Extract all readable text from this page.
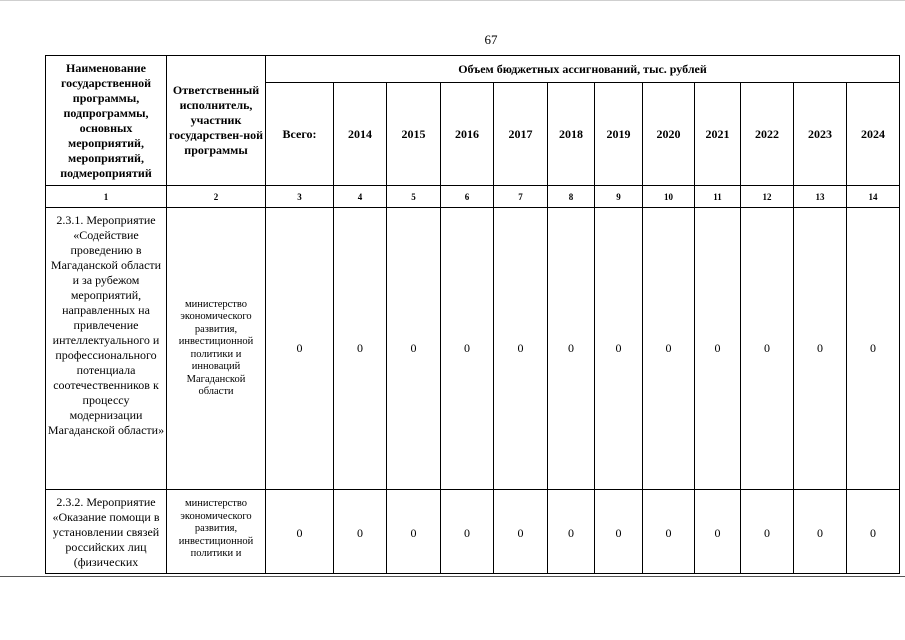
67
Наименование государственной программы, подпрограммы, основных мероприятий, мероприятий, подмероприятий	Ответственный исполнитель, участник государствен-ной программы	Объем бюджетных ассигнований, тыс. рублей											
		Всего:	2014	2015	2016	2017	2018	2019	2020	2021	2022	2023	2024
1	2	3	4	5	6	7	8	9	10	11	12	13	14
2.3.1. Мероприятие «Содействие проведению в Магаданской области и за рубежом мероприятий, направленных на привлечение интеллектуального и профессионального потенциала соотечественников к процессу модернизации Магаданской области»	министерство экономического развития, инвестиционной политики и инноваций Магаданской области	0	0	0	0	0	0	0	0	0	0	0	0
2.3.2. Мероприятие «Оказание помощи в установлении связей российских лиц (физических	министерство экономического развития, инвестиционной политики и	0	0	0	0	0	0	0	0	0	0	0	0
